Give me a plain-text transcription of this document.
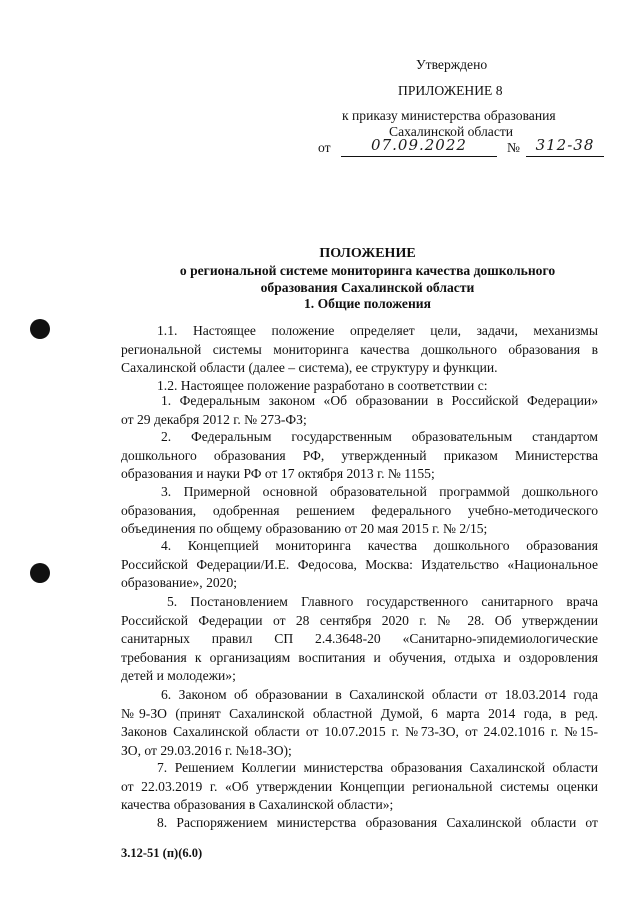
Утверждено
ПРИЛОЖЕНИЕ 8
к приказу министерства образования
Сахалинской области
от	07.09.2022	№	312-38
ПОЛОЖЕНИЕ
о региональной системе мониторинга качества дошкольного
образования Сахалинской области
1. Общие положения
1.1. Настоящее положение определяет цели, задачи, механизмы
региональной системы мониторинга качества дошкольного образования в
Сахалинской области (далее – система), ее структуру и функции.
1.2. Настоящее положение разработано в соответствии с:
1. Федеральным законом «Об образовании в Российской Федерации»
от 29 декабря 2012 г. № 273-ФЗ;
2. Федеральным государственным образовательным стандартом
дошкольного образования РФ, утвержденный приказом Министерства
образования и науки РФ от 17 октября 2013 г. № 1155;
3. Примерной основной образовательной программой дошкольного
образования, одобренная решением федерального учебно-методического
объединения по общему образованию от 20 мая 2015 г. № 2/15;
4. Концепцией мониторинга качества дошкольного образования
Российской Федерации/И.Е. Федосова, Москва: Издательство «Национальное
образование», 2020;
5. Постановлением Главного государственного санитарного врача
Российской Федерации от 28 сентября 2020 г. № 28. Об утверждении
санитарных правил СП 2.4.3648-20 «Санитарно-эпидемиологические
требования к организациям воспитания и обучения, отдыха и оздоровления
детей и молодежи»;
6. Законом об образовании в Сахалинской области от 18.03.2014 года
№9-ЗО (принят Сахалинской областной Думой, 6 марта 2014 года, в ред.
Законов Сахалинской области от 10.07.2015 г. №73-ЗО, от 24.02.1016 г. №15-
ЗО, от 29.03.2016 г. №18-ЗО);
7. Решением Коллегии министерства образования Сахалинской области
от 22.03.2019 г. «Об утверждении Концепции региональной системы оценки
качества образования в Сахалинской области»;
8. Распоряжением министерства образования Сахалинской области от
3.12-51 (п)(6.0)
